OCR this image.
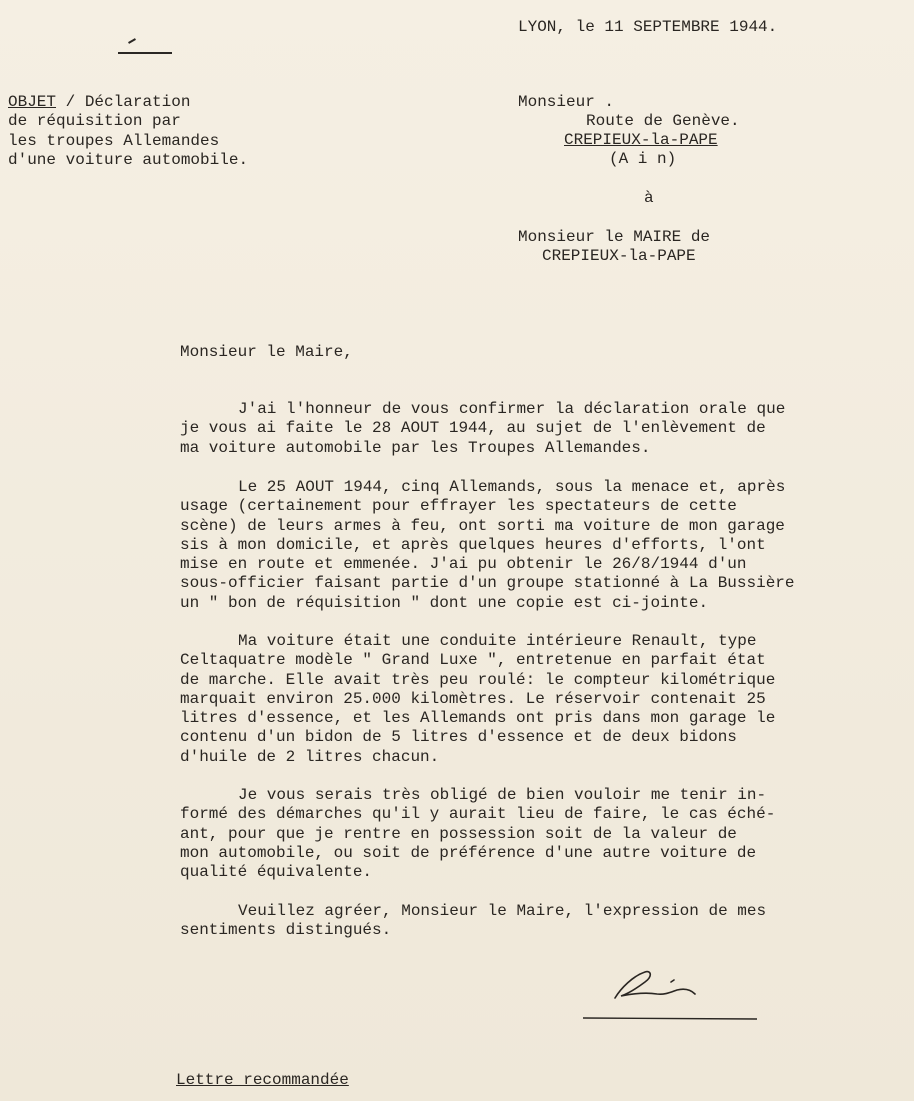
LYON, le 11 SEPTEMBRE 1944.

OBJET / Déclaration
de réquisition par
les troupes Allemandes
d'une voiture automobile.

Monsieur .

Route de Genève.

CREPIEUX-la-PAPE

(A i n)

à

Monsieur le MAIRE de

CREPIEUX-la-PAPE

Monsieur le Maire,

J'ai l'honneur de vous confirmer la déclaration orale que
je vous ai faite le 28 AOUT 1944, au sujet de l'enlèvement de
ma voiture automobile par les Troupes Allemandes.
Le 25 AOUT 1944, cinq Allemands, sous la menace et, après
usage (certainement pour effrayer les spectateurs de cette
scène) de leurs armes à feu, ont sorti ma voiture de mon garage
sis à mon domicile, et après quelques heures d'efforts, l'ont
mise en route et emmenée. J'ai pu obtenir le 26/8/1944 d'un
sous-officier faisant partie d'un groupe stationné à La Bussière
un " bon de réquisition " dont une copie est ci-jointe.
Ma voiture était une conduite intérieure Renault, type
Celtaquatre modèle " Grand Luxe ", entretenue en parfait état
de marche. Elle avait très peu roulé: le compteur kilométrique
marquait environ 25.000 kilomètres. Le réservoir contenait 25
litres d'essence, et les Allemands ont pris dans mon garage le
contenu d'un bidon de 5 litres d'essence et de deux bidons
d'huile de 2 litres chacun.
Je vous serais très obligé de bien vouloir me tenir in-
formé des démarches qu'il y aurait lieu de faire, le cas éché-
ant, pour que je rentre en possession soit de la valeur de
mon automobile, ou soit de préférence d'une autre voiture de
qualité équivalente.
Veuillez agréer, Monsieur le Maire, l'expression de mes
sentiments distingués.

Lettre recommandée
